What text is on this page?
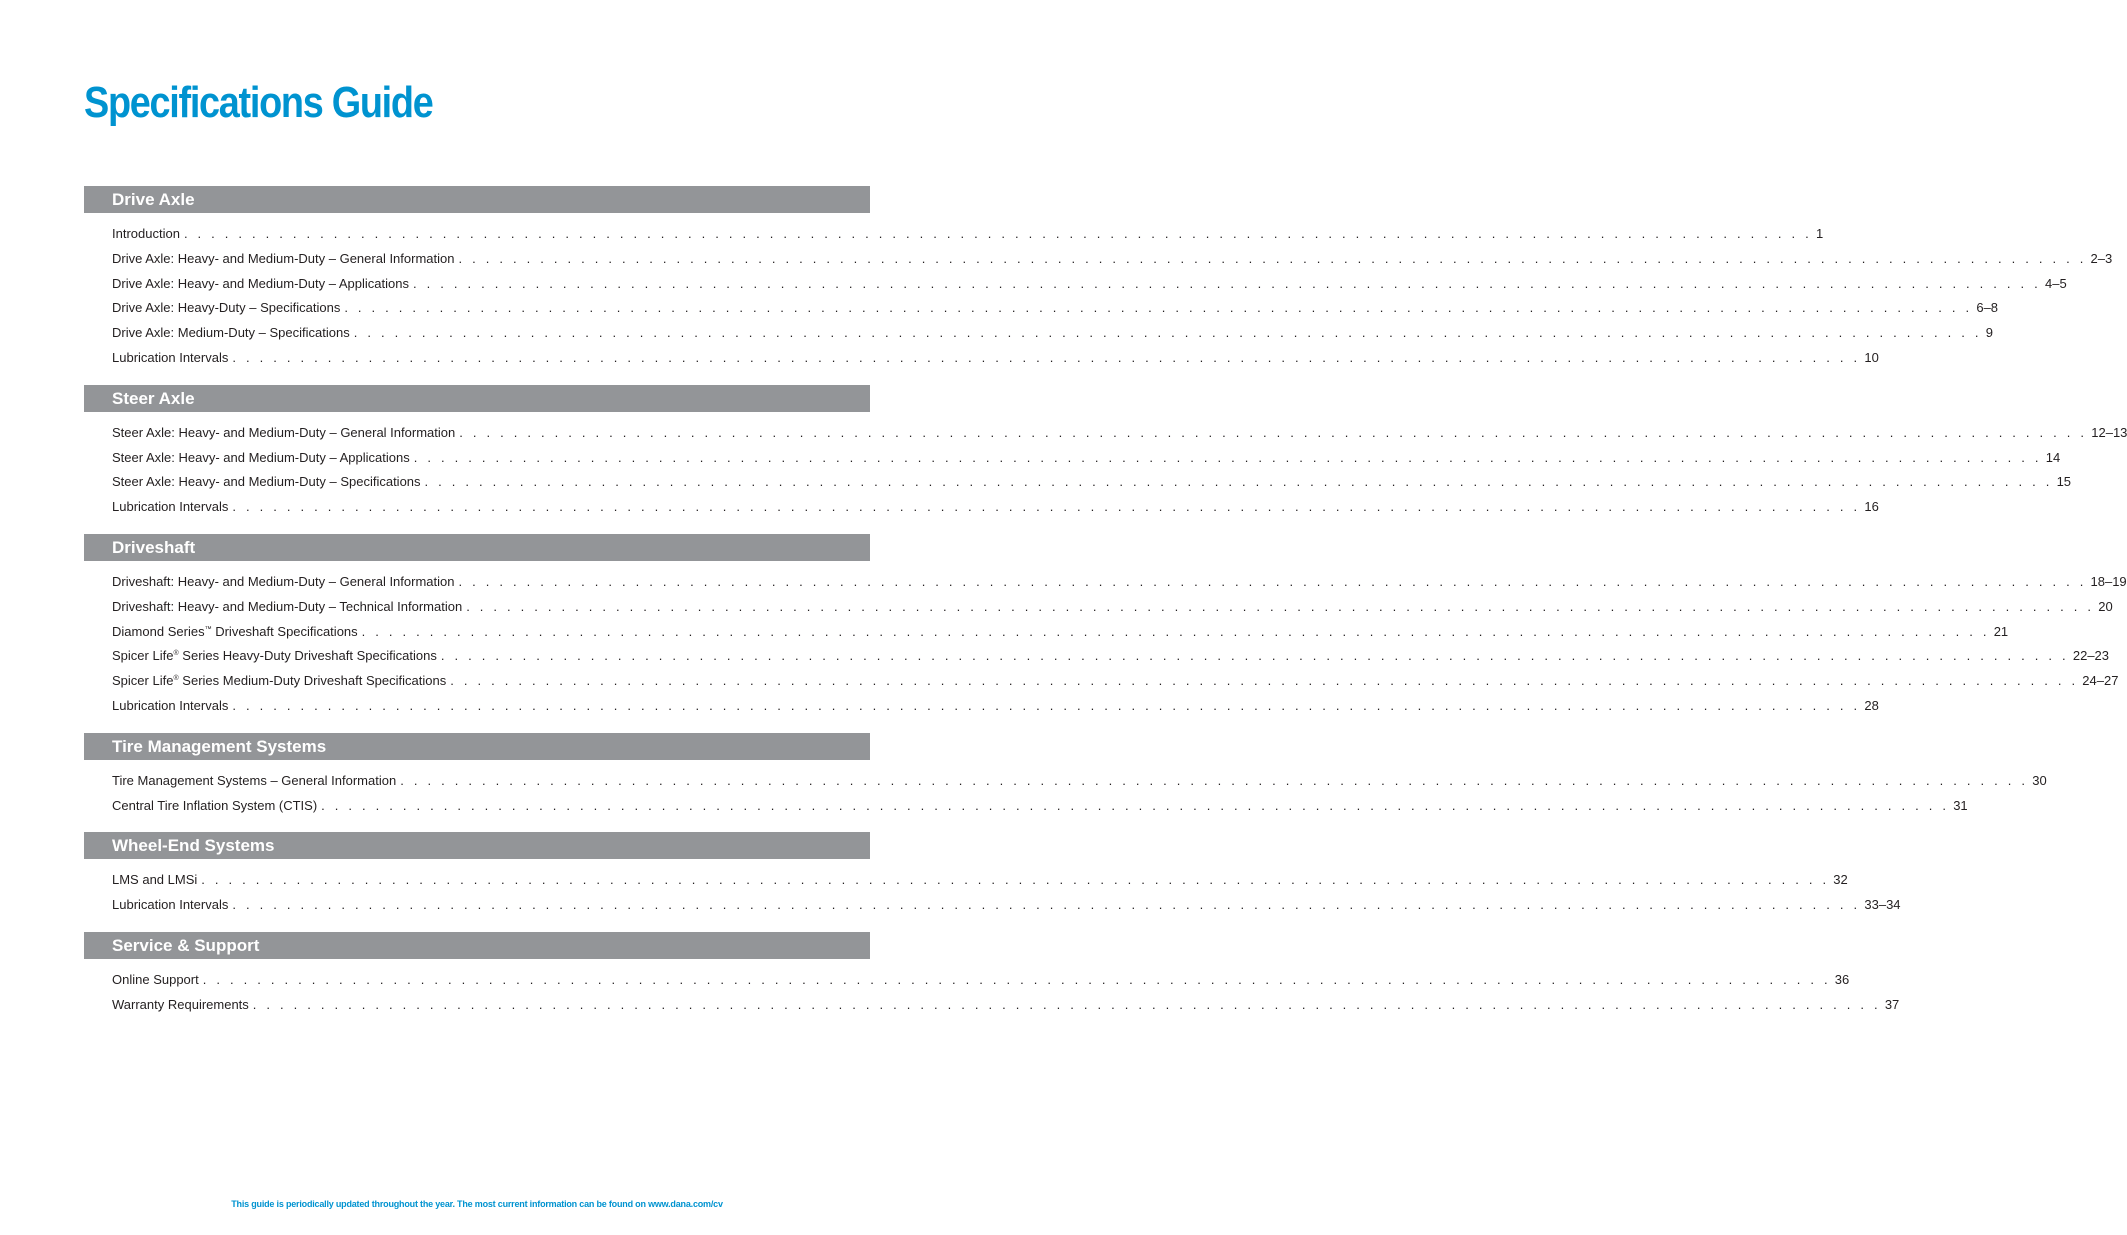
Specifications Guide
Drive Axle
Introduction . . . . . . . . . . . . . . . . . . . . . . . . . . . . . . . . . . . . . . . . . . . . . . . . . . . . . . . . . . . . . . . . . . . . . . . . . . . . . . . . . . . . . . . . . . . . . . . . . . . . . . . . . . . . . . . . . . . . . . . . 1
Drive Axle: Heavy- and Medium-Duty – General Information . . . . . . . . . . . . . . . . . . . . . . . . . . . . . . . . . . . . . . . . . . . . . . . . . . . . . . . . . . . . . . . . . . . . . . . . . . . . . . . . . . . . . . . . . . . . . . . . . . . . . . . . . . . . . . . . . . . . . . . . 2–3
Drive Axle: Heavy- and Medium-Duty – Applications . . . . . . . . . . . . . . . . . . . . . . . . . . . . . . . . . . . . . . . . . . . . . . . . . . . . . . . . . . . . . . . . . . . . . . . . . . . . . . . . . . . . . . . . . . . . . . . . . . . . . . . . . . . . . . . . . . . . . . . . 4–5
Drive Axle: Heavy-Duty – Specifications . . . . . . . . . . . . . . . . . . . . . . . . . . . . . . . . . . . . . . . . . . . . . . . . . . . . . . . . . . . . . . . . . . . . . . . . . . . . . . . . . . . . . . . . . . . . . . . . . . . . . . . . . . . . . . . . . . . . . . . . 6–8
Drive Axle: Medium-Duty – Specifications . . . . . . . . . . . . . . . . . . . . . . . . . . . . . . . . . . . . . . . . . . . . . . . . . . . . . . . . . . . . . . . . . . . . . . . . . . . . . . . . . . . . . . . . . . . . . . . . . . . . . . . . . . . . . . . . . . . . . . . . 9
Lubrication Intervals . . . . . . . . . . . . . . . . . . . . . . . . . . . . . . . . . . . . . . . . . . . . . . . . . . . . . . . . . . . . . . . . . . . . . . . . . . . . . . . . . . . . . . . . . . . . . . . . . . . . . . . . . . . . . . . . . . . . . . . . 10
Steer Axle
Steer Axle: Heavy- and Medium-Duty – General Information . . . . . . . . . . . . . . . . . . . . . . . . . . . . . . . . . . . . . . . . . . . . . . . . . . . . . . . . . . . . . . . . . . . . . . . . . . . . . . . . . . . . . . . . . . . . . . . . . . . . . . . . . . . . . . . . . . . . . . . . 12–13
Steer Axle: Heavy- and Medium-Duty – Applications . . . . . . . . . . . . . . . . . . . . . . . . . . . . . . . . . . . . . . . . . . . . . . . . . . . . . . . . . . . . . . . . . . . . . . . . . . . . . . . . . . . . . . . . . . . . . . . . . . . . . . . . . . . . . . . . . . . . . . . . 14
Steer Axle: Heavy- and Medium-Duty – Specifications . . . . . . . . . . . . . . . . . . . . . . . . . . . . . . . . . . . . . . . . . . . . . . . . . . . . . . . . . . . . . . . . . . . . . . . . . . . . . . . . . . . . . . . . . . . . . . . . . . . . . . . . . . . . . . . . . . . . . . . . 15
Lubrication Intervals . . . . . . . . . . . . . . . . . . . . . . . . . . . . . . . . . . . . . . . . . . . . . . . . . . . . . . . . . . . . . . . . . . . . . . . . . . . . . . . . . . . . . . . . . . . . . . . . . . . . . . . . . . . . . . . . . . . . . . . . 16
Driveshaft
Driveshaft: Heavy- and Medium-Duty – General Information . . . . . . . . . . . . . . . . . . . . . . . . . . . . . . . . . . . . . . . . . . . . . . . . . . . . . . . . . . . . . . . . . . . . . . . . . . . . . . . . . . . . . . . . . . . . . . . . . . . . . . . . . . . . . . . . . . . . . . . . 18–19
Driveshaft: Heavy- and Medium-Duty – Technical Information . . . . . . . . . . . . . . . . . . . . . . . . . . . . . . . . . . . . . . . . . . . . . . . . . . . . . . . . . . . . . . . . . . . . . . . . . . . . . . . . . . . . . . . . . . . . . . . . . . . . . . . . . . . . . . . . . . . . . . . . 20
Diamond Series™ Driveshaft Specifications . . . . . . . . . . . . . . . . . . . . . . . . . . . . . . . . . . . . . . . . . . . . . . . . . . . . . . . . . . . . . . . . . . . . . . . . . . . . . . . . . . . . . . . . . . . . . . . . . . . . . . . . . . . . . . . . . . . . . . . . 21
Spicer Life® Series Heavy-Duty Driveshaft Specifications . . . . . . . . . . . . . . . . . . . . . . . . . . . . . . . . . . . . . . . . . . . . . . . . . . . . . . . . . . . . . . . . . . . . . . . . . . . . . . . . . . . . . . . . . . . . . . . . . . . . . . . . . . . . . . . . . . . . . . . . 22–23
Spicer Life® Series Medium-Duty Driveshaft Specifications . . . . . . . . . . . . . . . . . . . . . . . . . . . . . . . . . . . . . . . . . . . . . . . . . . . . . . . . . . . . . . . . . . . . . . . . . . . . . . . . . . . . . . . . . . . . . . . . . . . . . . . . . . . . . . . . . . . . . . . . 24–27
Lubrication Intervals . . . . . . . . . . . . . . . . . . . . . . . . . . . . . . . . . . . . . . . . . . . . . . . . . . . . . . . . . . . . . . . . . . . . . . . . . . . . . . . . . . . . . . . . . . . . . . . . . . . . . . . . . . . . . . . . . . . . . . . . 28
Tire Management Systems
Tire Management Systems – General Information . . . . . . . . . . . . . . . . . . . . . . . . . . . . . . . . . . . . . . . . . . . . . . . . . . . . . . . . . . . . . . . . . . . . . . . . . . . . . . . . . . . . . . . . . . . . . . . . . . . . . . . . . . . . . . . . . . . . . . . . 30
Central Tire Inflation System (CTIS) . . . . . . . . . . . . . . . . . . . . . . . . . . . . . . . . . . . . . . . . . . . . . . . . . . . . . . . . . . . . . . . . . . . . . . . . . . . . . . . . . . . . . . . . . . . . . . . . . . . . . . . . . . . . . . . . . . . . . . . . 31
Wheel-End Systems
LMS and LMSi . . . . . . . . . . . . . . . . . . . . . . . . . . . . . . . . . . . . . . . . . . . . . . . . . . . . . . . . . . . . . . . . . . . . . . . . . . . . . . . . . . . . . . . . . . . . . . . . . . . . . . . . . . . . . . . . . . . . . . . . 32
Lubrication Intervals . . . . . . . . . . . . . . . . . . . . . . . . . . . . . . . . . . . . . . . . . . . . . . . . . . . . . . . . . . . . . . . . . . . . . . . . . . . . . . . . . . . . . . . . . . . . . . . . . . . . . . . . . . . . . . . . . . . . . . . . 33–34
Service & Support
Online Support . . . . . . . . . . . . . . . . . . . . . . . . . . . . . . . . . . . . . . . . . . . . . . . . . . . . . . . . . . . . . . . . . . . . . . . . . . . . . . . . . . . . . . . . . . . . . . . . . . . . . . . . . . . . . . . . . . . . . . . . 36
Warranty Requirements . . . . . . . . . . . . . . . . . . . . . . . . . . . . . . . . . . . . . . . . . . . . . . . . . . . . . . . . . . . . . . . . . . . . . . . . . . . . . . . . . . . . . . . . . . . . . . . . . . . . . . . . . . . . . . . . . . . . . . . . 37
This guide is periodically updated throughout the year. The most current information can be found on www.dana.com/cv
